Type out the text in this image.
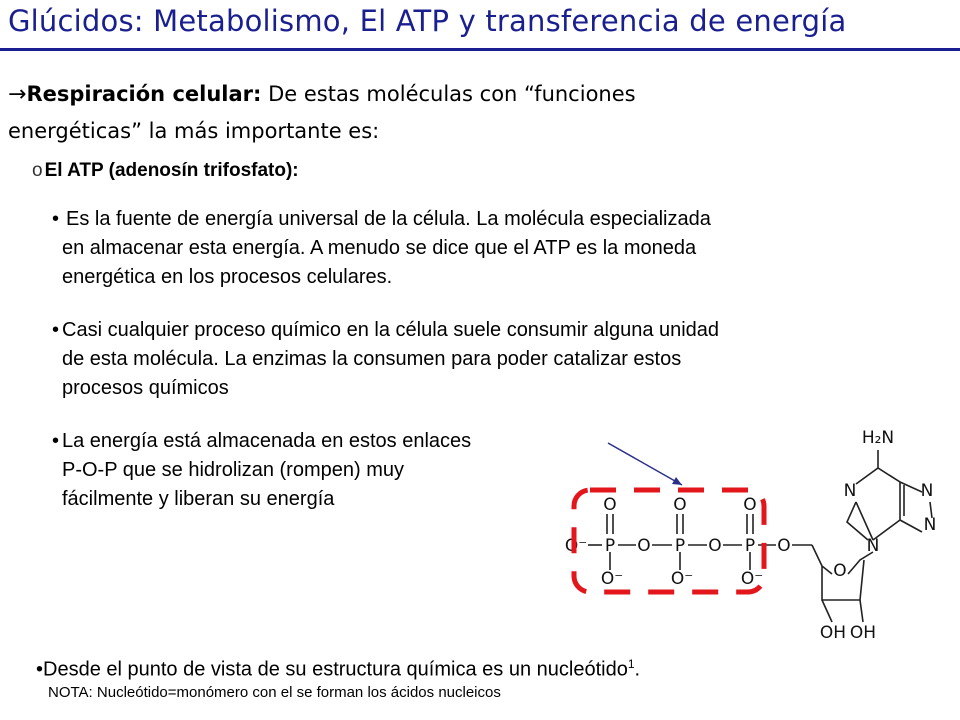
Glúcidos: Metabolismo, El ATP y transferencia de energía
→Respiración celular: De estas moléculas con “funciones
energéticas” la más importante es:
o El ATP (adenosín trifosfato):
• Es la fuente de energía universal de la célula. La molécula especializada
en almacenar esta energía. A menudo se dice que el ATP es la moneda
energética en los procesos celulares.
• Casi cualquier proceso químico en la célula suele consumir alguna unidad
de esta molécula. La enzimas la consumen para poder catalizar estos
procesos químicos
• La energía está almacenada en estos enlaces
P-O-P que se hidrolizan (rompen) muy
fácilmente y liberan su energía
O⁻ P O P O P O
O	O	O
O⁻	O⁻	O⁻
H₂N
N	N
N
N
O
OH OH
•Desde el punto de vista de su estructura química es un nucleótido$^1$.
NOTA: Nucleótido=monómero con el se forman los ácidos nucleicos
